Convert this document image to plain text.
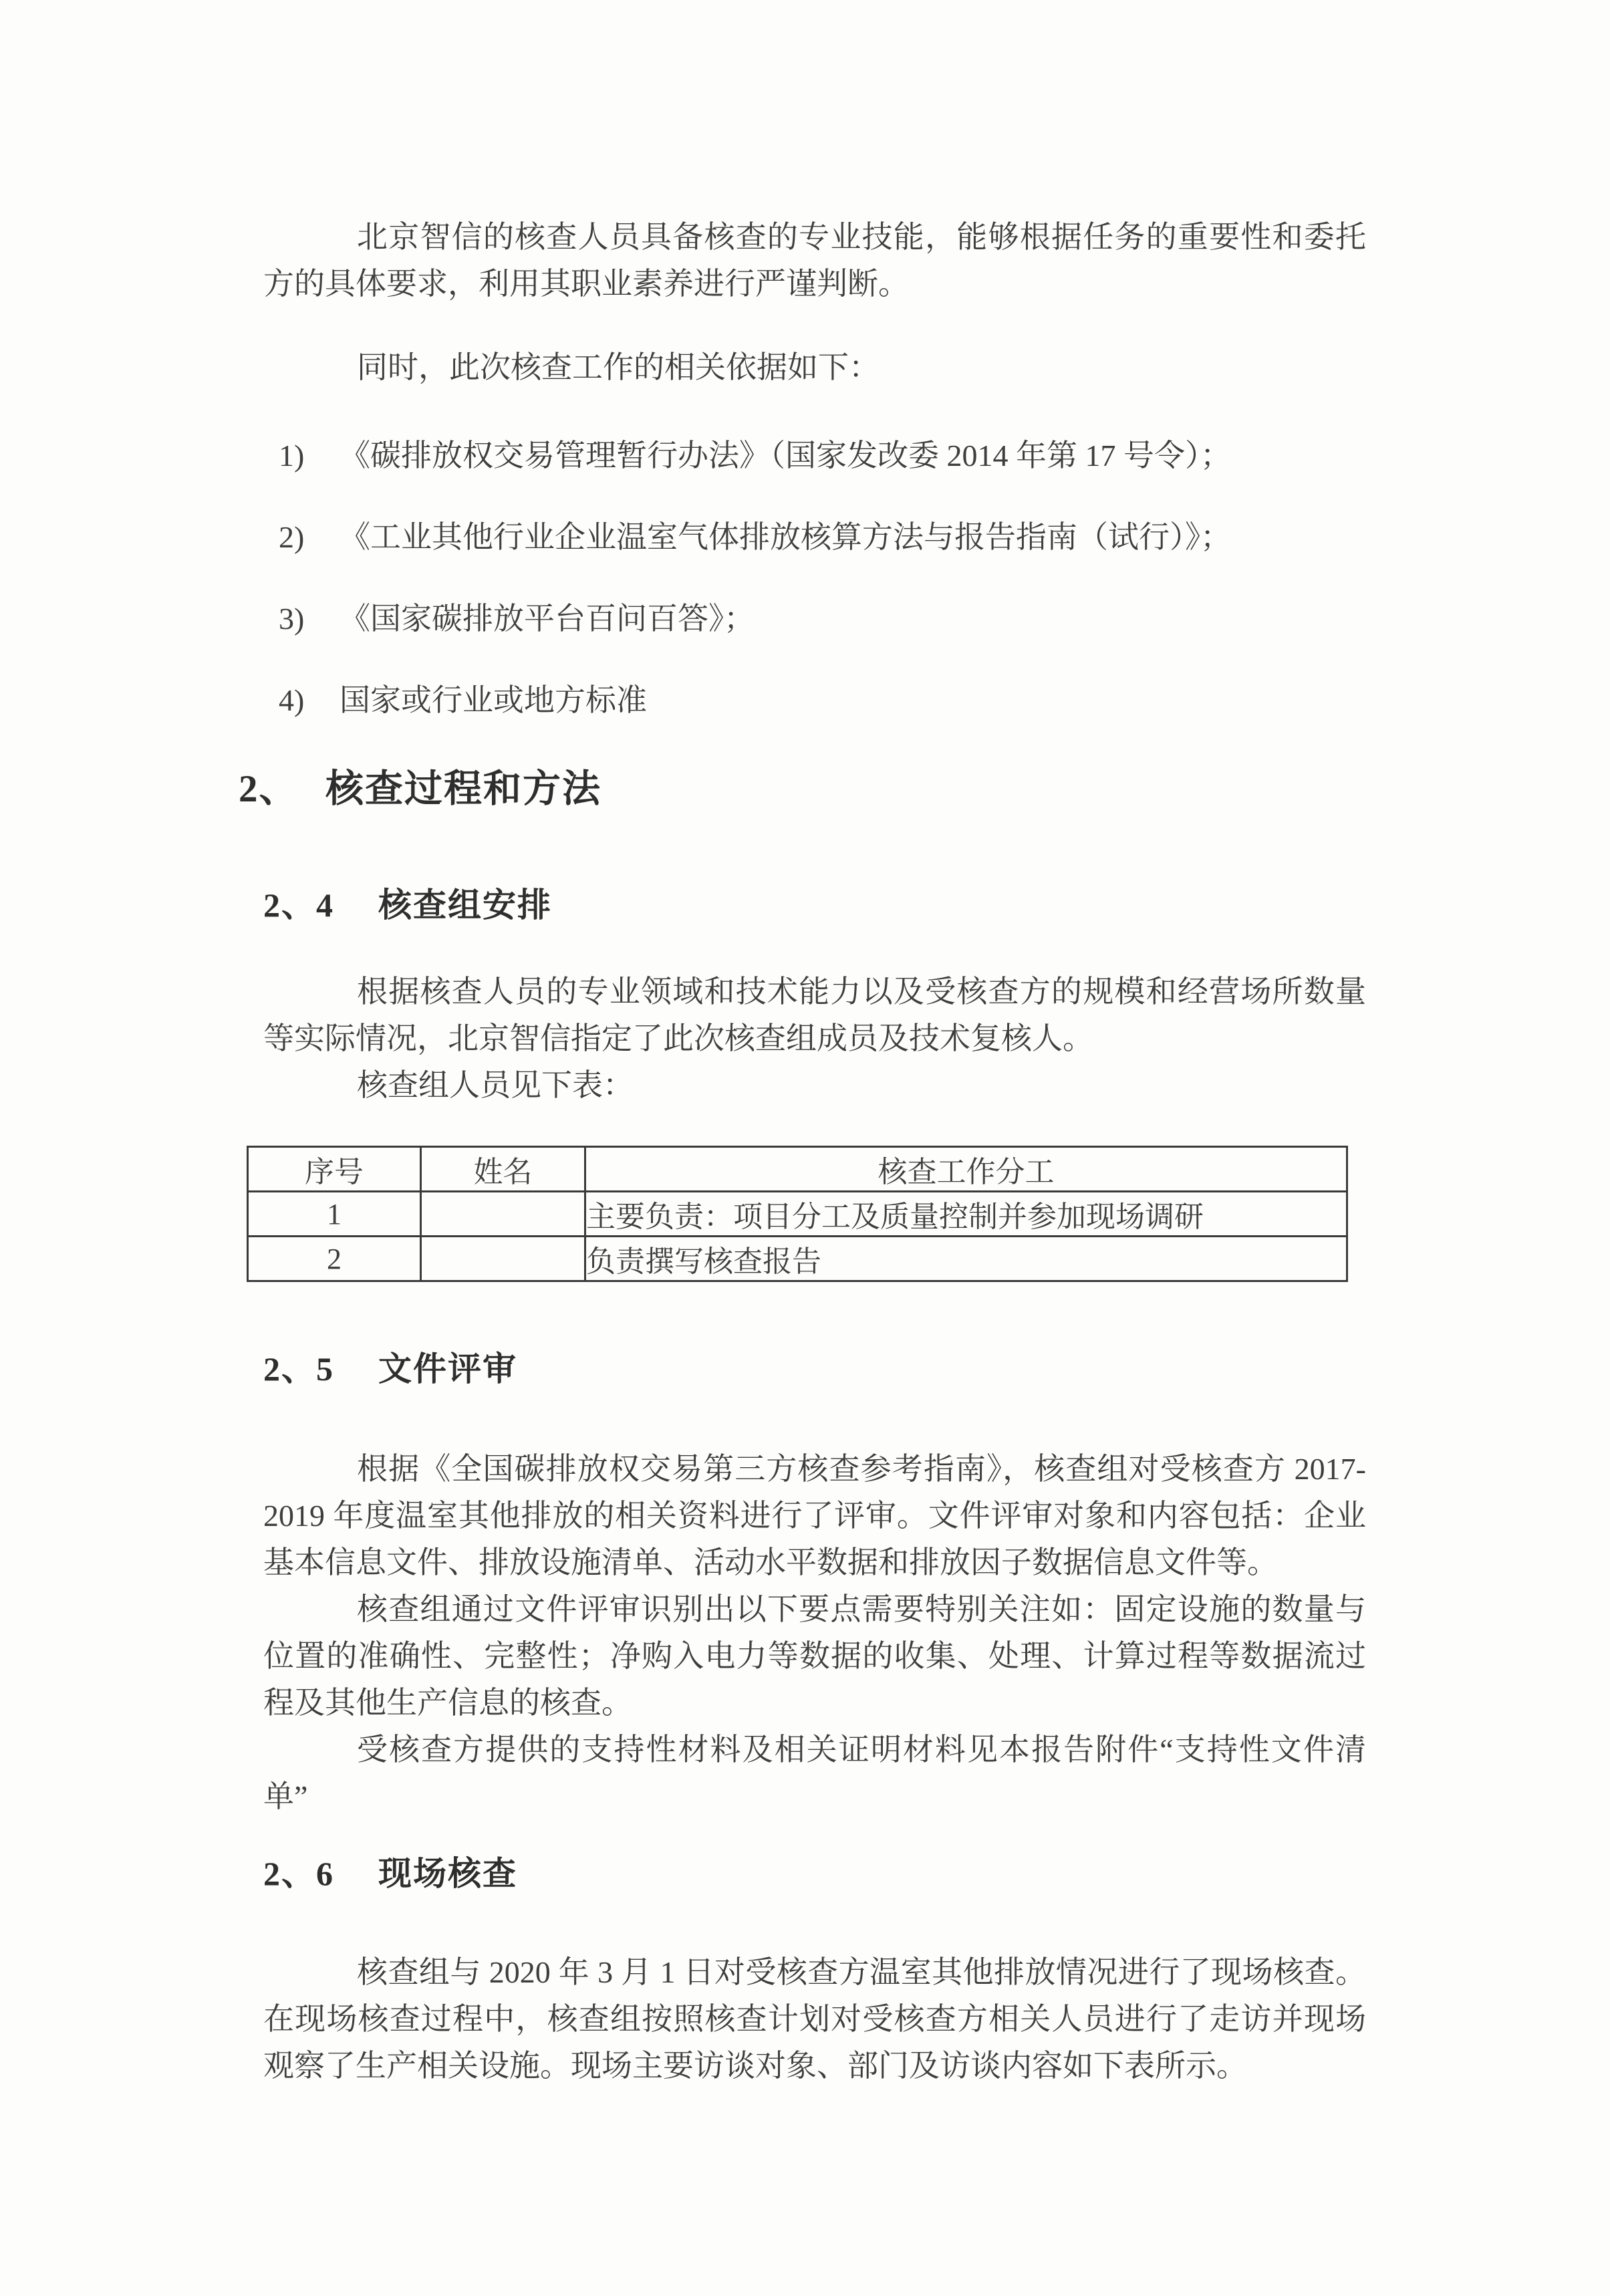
北京智信的核查人员具备核查的专业技能，能够根据任务的重要性和委托方的具体要求，利用其职业素养进行严谨判断。

同时，此次核查工作的相关依据如下：

1)	《碳排放权交易管理暂行办法》（国家发改委 2014 年第 17 号令）；
2)	《工业其他行业企业温室气体排放核算方法与报告指南（试行）》；
3)	《国家碳排放平台百问百答》；
4)	国家或行业或地方标准
2、 核查过程和方法
2、4	核查组安排

根据核查人员的专业领域和技术能力以及受核查方的规模和经营场所数量等实际情况，北京智信指定了此次核查组成员及技术复核人。

核查组人员见下表：

序号	姓名	核查工作分工
1		主要负责：项目分工及质量控制并参加现场调研
2		负责撰写核查报告
2、5	文件评审

根据《全国碳排放权交易第三方核查参考指南》，核查组对受核查方 2017-2019 年度温室其他排放的相关资料进行了评审。文件评审对象和内容包括：企业基本信息文件、排放设施清单、活动水平数据和排放因子数据信息文件等。

核查组通过文件评审识别出以下要点需要特别关注如：固定设施的数量与位置的准确性、完整性；净购入电力等数据的收集、处理、计算过程等数据流过程及其他生产信息的核查。

受核查方提供的支持性材料及相关证明材料见本报告附件“支持性文件清单”

2、6	现场核查

核查组与 2020 年 3 月 1 日对受核查方温室其他排放情况进行了现场核查。在现场核查过程中，核查组按照核查计划对受核查方相关人员进行了走访并现场观察了生产相关设施。现场主要访谈对象、部门及访谈内容如下表所示。
